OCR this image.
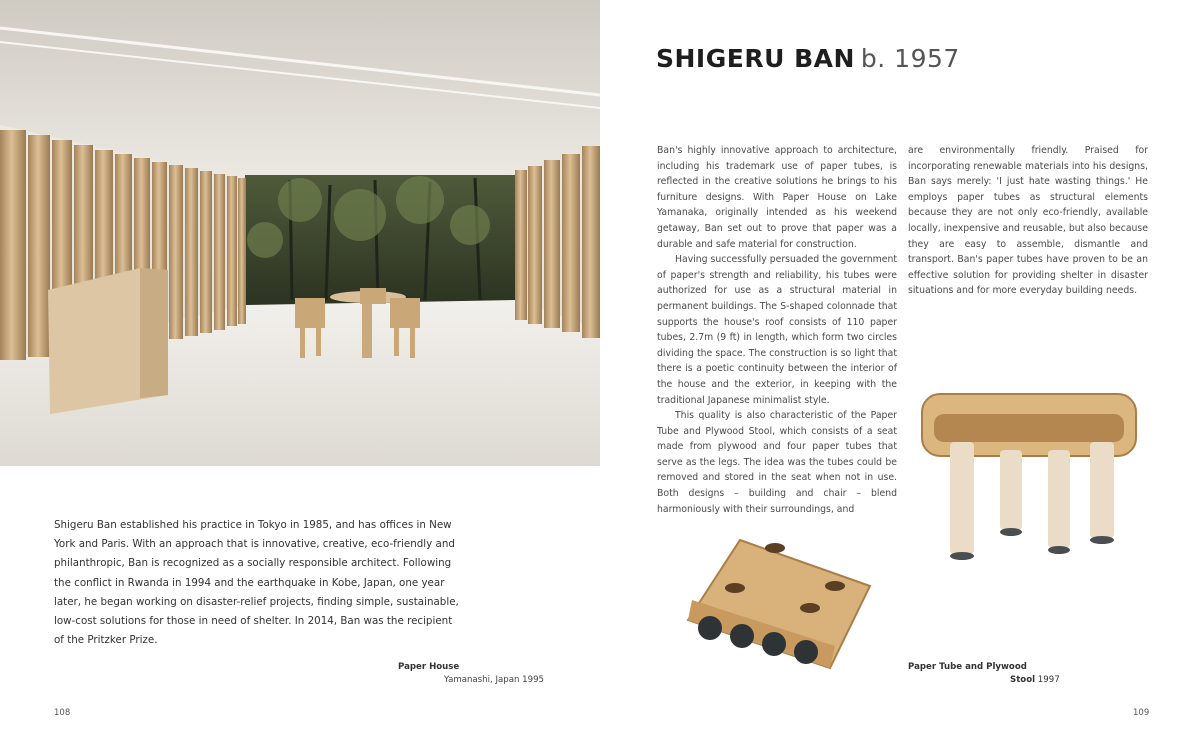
SHIGERU BAN b. 1957

Ban's highly innovative approach to architecture, including his trademark use of paper tubes, is reflected in the creative solutions he brings to his furniture designs. With Paper House on Lake Yamanaka, originally intended as his weekend getaway, Ban set out to prove that paper was a durable and safe material for construction.

Having successfully persuaded the government of paper's strength and reliability, his tubes were authorized for use as a structural material in permanent buildings. The S-shaped colonnade that supports the house's roof consists of 110 paper tubes, 2.7m (9 ft) in length, which form two circles dividing the space. The construction is so light that there is a poetic continuity between the interior of the house and the exterior, in keeping with the traditional Japanese minimalist style.

This quality is also characteristic of the Paper Tube and Plywood Stool, which consists of a seat made from plywood and four paper tubes that serve as the legs. The idea was the tubes could be removed and stored in the seat when not in use. Both designs – building and chair – blend harmoniously with their surroundings, and

are environmentally friendly. Praised for incorporating renewable materials into his designs, Ban says merely: 'I just hate wasting things.' He employs paper tubes as structural elements because they are not only eco-friendly, available locally, inexpensive and reusable, but also because they are easy to assemble, dismantle and transport. Ban's paper tubes have proven to be an effective solution for providing shelter in disaster situations and for more everyday building needs.

Shigeru Ban established his practice in Tokyo in 1985, and has offices in New York and Paris. With an approach that is innovative, creative, eco-friendly and philanthropic, Ban is recognized as a socially responsible architect. Following the conflict in Rwanda in 1994 and the earthquake in Kobe, Japan, one year later, he began working on disaster-relief projects, finding simple, sustainable, low-cost solutions for those in need of shelter. In 2014, Ban was the recipient of the Pritzker Prize.

Paper House
Yamanashi, Japan 1995
Paper Tube and Plywood
Stool 1997
108	109
